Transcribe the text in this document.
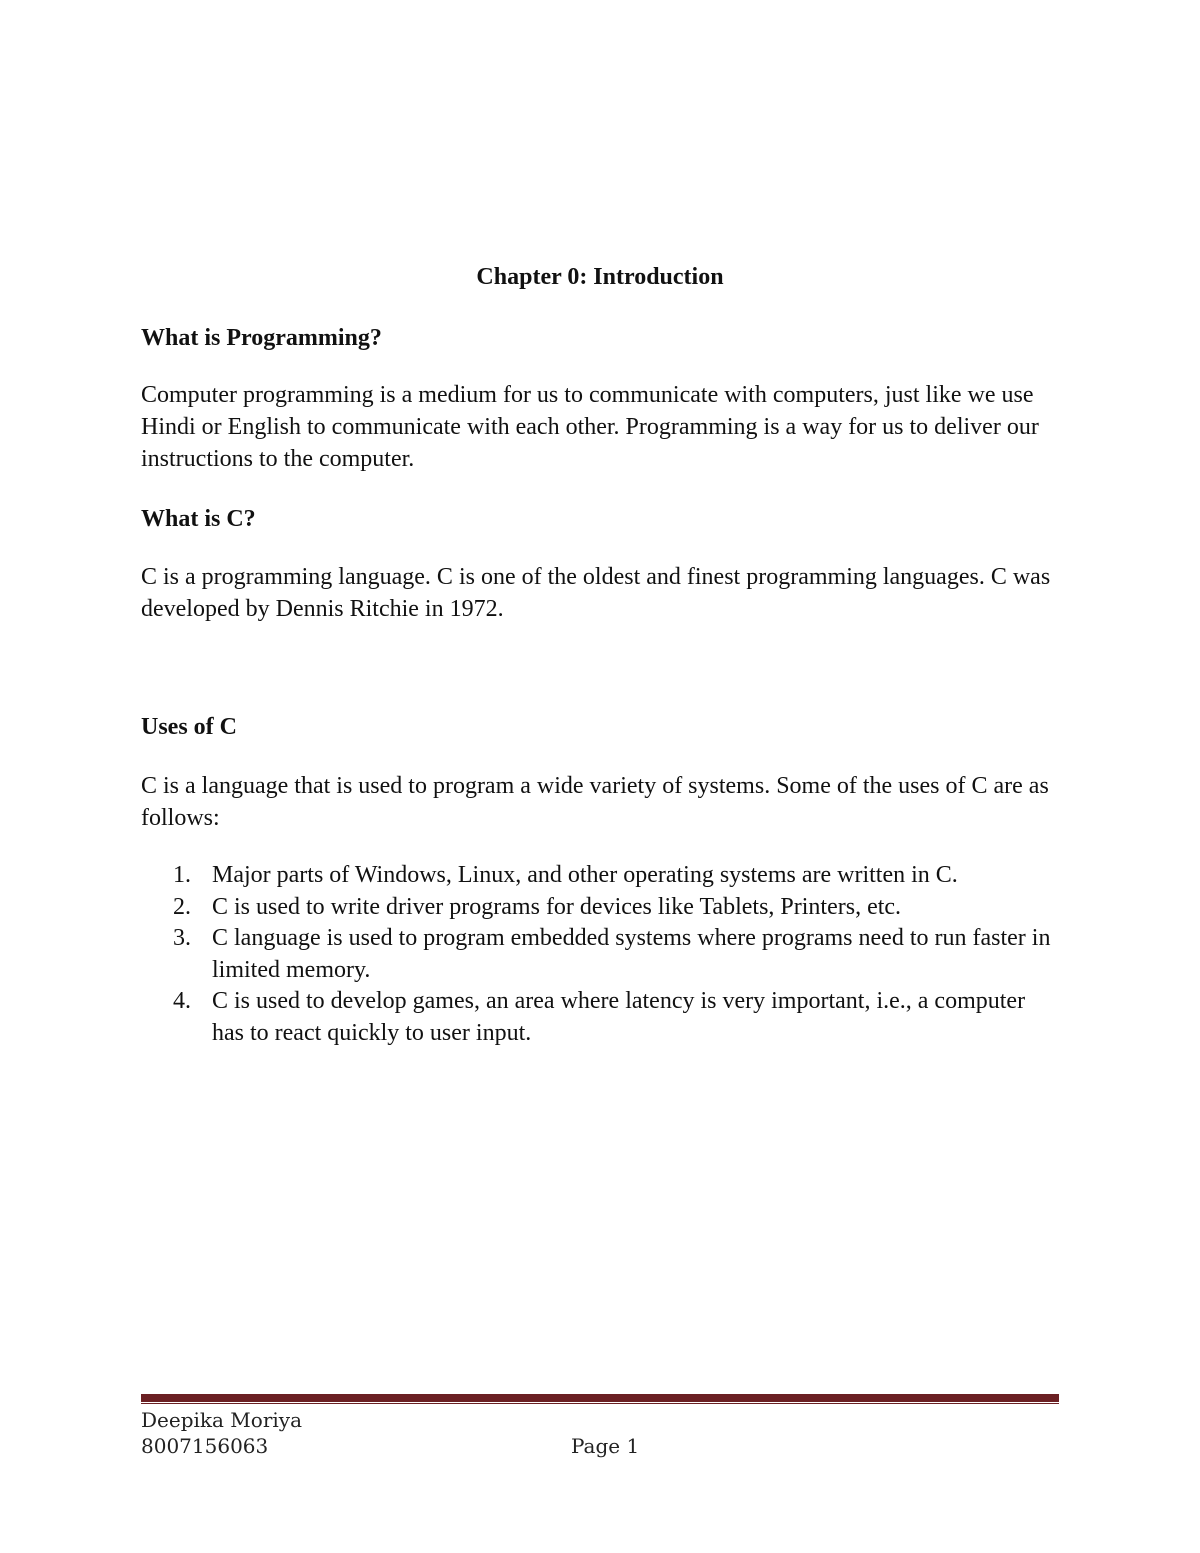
Chapter 0: Introduction
What is Programming?
Computer programming is a medium for us to communicate with computers, just like we use Hindi or English to communicate with each other. Programming is a way for us to deliver our instructions to the computer.
What is C?
C is a programming language. C is one of the oldest and finest programming languages. C was developed by Dennis Ritchie in 1972.
Uses of C
C is a language that is used to program a wide variety of systems. Some of the uses of C are as follows:
1. Major parts of Windows, Linux, and other operating systems are written in C.
2. C is used to write driver programs for devices like Tablets, Printers, etc.
3. C language is used to program embedded systems where programs need to run faster in limited memory.
4. C is used to develop games, an area where latency is very important, i.e., a computer has to react quickly to user input.
Deepika Moriya
8007156063	Page 1
